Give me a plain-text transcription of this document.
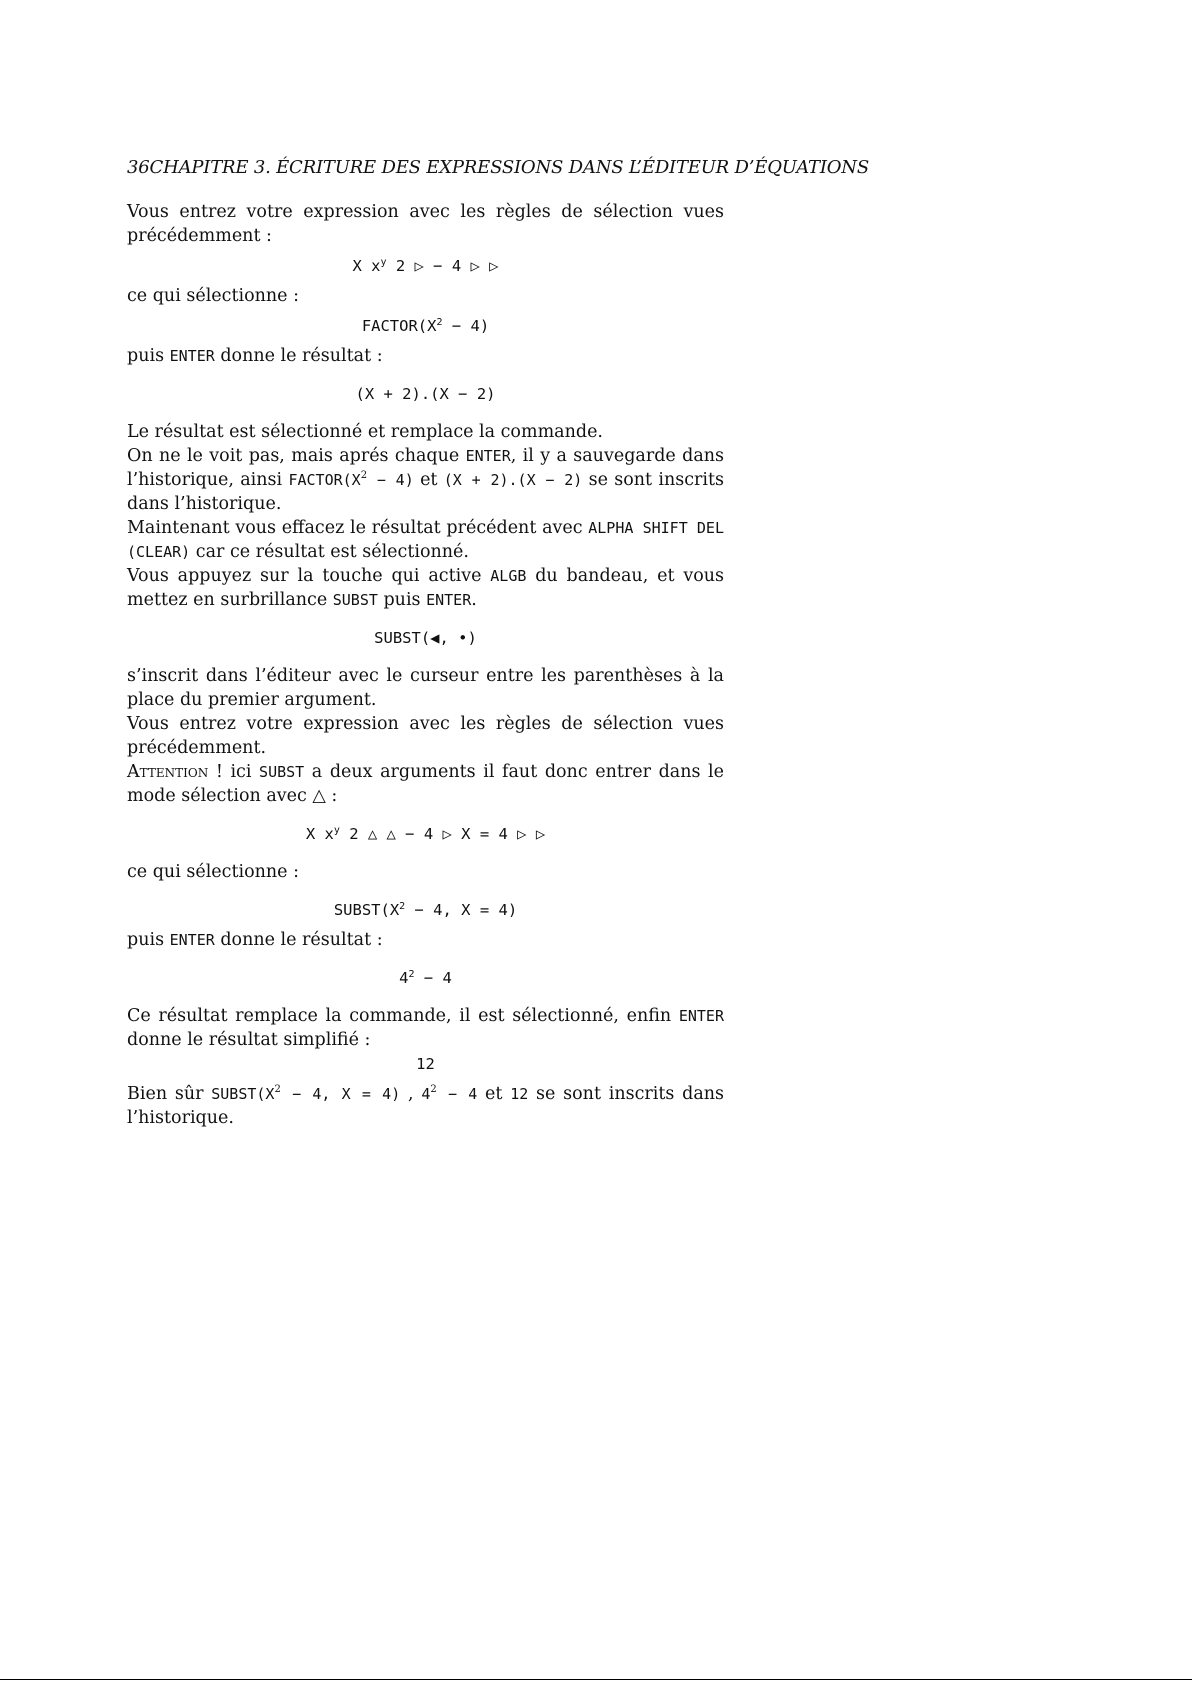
36CHAPITRE 3. ÉCRITURE DES EXPRESSIONS DANS L’ÉDITEUR D’ÉQUATIONS

Vous entrez votre expression avec les règles de sélection vues précédemment :

X $x^y$ 2 ▷ − 4 ▷ ▷

ce qui sélectionne :

$FACTOR(X^2 - 4)$

puis ENTER donne le résultat :

(X + 2).(X − 2)

Le résultat est sélectionné et remplace la commande.

On ne le voit pas, mais aprés chaque ENTER, il y a sauvegarde dans l’historique, ainsi $FACTOR(X^2 - 4)$ et (X + 2).(X − 2) se sont inscrits dans l’historique.

Maintenant vous effacez le résultat précédent avec ALPHA SHIFT DEL (CLEAR) car ce résultat est sélectionné.

Vous appuyez sur la touche qui active ALGB du bandeau, et vous mettez en surbrillance SUBST puis ENTER.

SUBST(◀, •)

s’inscrit dans l’éditeur avec le curseur entre les parenthèses à la place du premier argument.

Vous entrez votre expression avec les règles de sélection vues précédemment.

Attention ! ici SUBST a deux arguments il faut donc entrer dans le mode sélection avec △ :

X $x^y$ 2 △ △ − 4 ▷ X = 4 ▷ ▷

ce qui sélectionne :

$SUBST(X^2 - 4$, X = 4)

puis ENTER donne le résultat :

$4^2 - 4$

Ce résultat remplace la commande, il est sélectionné, enfin ENTER donne le résultat simplifié :

12

Bien sûr $SUBST(X^2 - 4$, X = 4) , $4^2 - 4$ et 12 se sont inscrits dans l’historique.
